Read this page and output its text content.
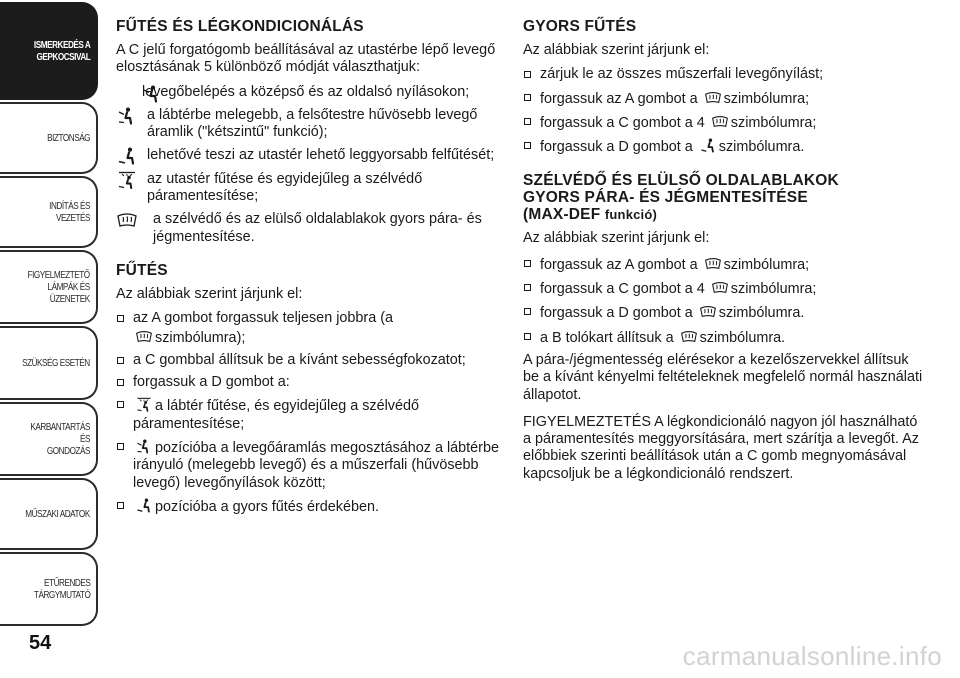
ISMERKEDÉS A
GEPKOCSIVAL
BIZTONSÁG
INDÍTÁS ÉS VEZETÉS
FIGYELMEZTETŐ
LÁMPÁK ÉS
ÜZENETEK
SZÜKSÉG ESETÉN
KARBANTARTÁS ÉS
GONDOZÁS
MŰSZAKI ADATOK
ETŰRENDES
TÁRGYMUTATÓ
54
FŰTÉS ÉS LÉGKONDICIONÁLÁS

A C jelű forgatógomb beállításával az utastérbe lépő levegő elosztásának 5 különböző módját választhatjuk:

levegőbelépés a középső és az oldalsó nyílásokon;
a lábtérbe melegebb, a felsőtestre hűvösebb levegő áramlik ("kétszintű" funkció);
lehetővé teszi az utastér lehető leggyorsabb felfűtését;
az utastér fűtése és egyidejűleg a szélvédő páramentesítése;
a szélvédő és az elülső oldalablakok gyors pára- és jégmentesítése.
FŰTÉS

Az alábbiak szerint járjunk el:

az A gombot forgassuk teljesen jobbra (a
szimbólumra);
a C gombbal állítsuk be a kívánt sebességfokozatot;
forgassuk a D gombot a:
a lábtér fűtése, és egyidejűleg a szélvédő páramentesítése;
pozícióba a levegőáramlás megosztásához a lábtérbe irányuló (melegebb levegő) és a műszerfali (hűvösebb levegő) levegőnyílások között;
pozícióba a gyors fűtés érdekében.
GYORS FŰTÉS

Az alábbiak szerint járjunk el:

zárjuk le az összes műszerfali levegőnyílást;
forgassuk az A gombot a szimbólumra;
forgassuk a C gombot a 4 szimbólumra;
forgassuk a D gombot a szimbólumra.
SZÉLVÉDŐ ÉS ELÜLSŐ OLDALABLAKOK
GYORS PÁRA- ÉS JÉGMENTESÍTÉSE
(MAX-DEF funkció)

Az alábbiak szerint járjunk el:

forgassuk az A gombot a szimbólumra;
forgassuk a C gombot a 4 szimbólumra;
forgassuk a D gombot a szimbólumra.
a B tolókart állítsuk a szimbólumra.

A pára-/jégmentesség elérésekor a kezelőszervekkel állítsuk be a kívánt kényelmi feltételeknek megfelelő normál használati állapotot.

FIGYELMEZTETÉS A légkondicionáló nagyon jól használható a páramentesítés meggyorsítására, mert szárítja a levegőt. Az előbbiek szerinti beállítások után a C gomb megnyomásával kapcsoljuk be a légkondicionáló rendszert.

carmanualsonline.info
